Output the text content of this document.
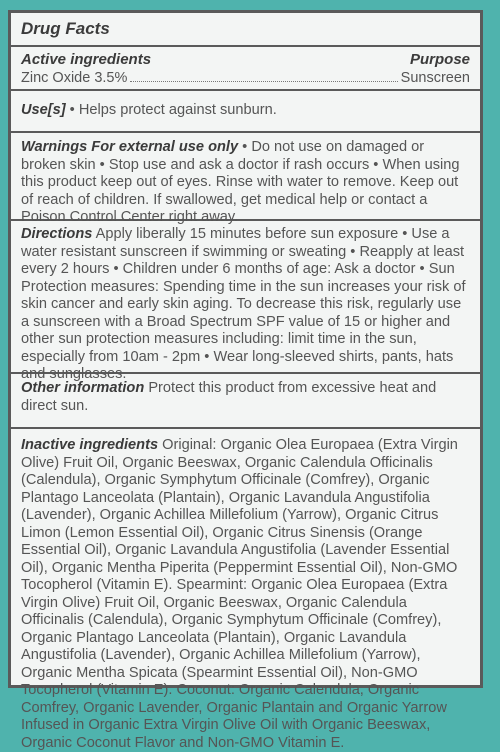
Drug Facts
Active ingredients	Purpose
Zinc Oxide 3.5%	Sunscreen
Use[s] • Helps protect against sunburn.
Warnings For external use only • Do not use on damaged or broken skin • Stop use and ask a doctor if rash occurs • When using this product keep out of eyes. Rinse with water to remove. Keep out of reach of children. If swallowed, get medical help or contact a Poison Control Center right away.
Directions Apply liberally 15 minutes before sun exposure • Use a water resistant sunscreen if swimming or sweating • Reapply at least every 2 hours • Children under 6 months of age: Ask a doctor • Sun Protection measures: Spending time in the sun increases your risk of skin cancer and early skin aging. To decrease this risk, regularly use a sunscreen with a Broad Spectrum SPF value of 15 or higher and other sun protection measures including: limit time in the sun, especially from 10am - 2pm • Wear long-sleeved shirts, pants, hats and sunglasses.
Other information Protect this product from excessive heat and direct sun.
Inactive ingredients Original: Organic Olea Europaea (Extra Virgin Olive) Fruit Oil, Organic Beeswax, Organic Calendula Officinalis (Calendula), Organic Symphytum Officinale (Comfrey), Organic Plantago Lanceolata (Plantain), Organic Lavandula Angustifolia (Lavender), Organic Achillea Millefolium (Yarrow), Organic Citrus Limon (Lemon Essential Oil), Organic Citrus Sinensis (Orange Essential Oil), Organic Lavandula Angustifolia (Lavender Essential Oil), Organic Mentha Piperita (Peppermint Essential Oil), Non-GMO Tocopherol (Vitamin E). Spearmint: Organic Olea Europaea (Extra Virgin Olive) Fruit Oil, Organic Beeswax, Organic Calendula Officinalis (Calendula), Organic Symphytum Officinale (Comfrey), Organic Plantago Lanceolata (Plantain), Organic Lavandula Angustifolia (Lavender), Organic Achillea Millefolium (Yarrow), Organic Mentha Spicata (Spearmint Essential Oil), Non-GMO Tocopherol (Vitamin E). Coconut: Organic Calendula, Organic Comfrey, Organic Lavender, Organic Plantain and Organic Yarrow Infused in Organic Extra Virgin Olive Oil with Organic Beeswax, Organic Coconut Flavor and Non-GMO Vitamin E.
